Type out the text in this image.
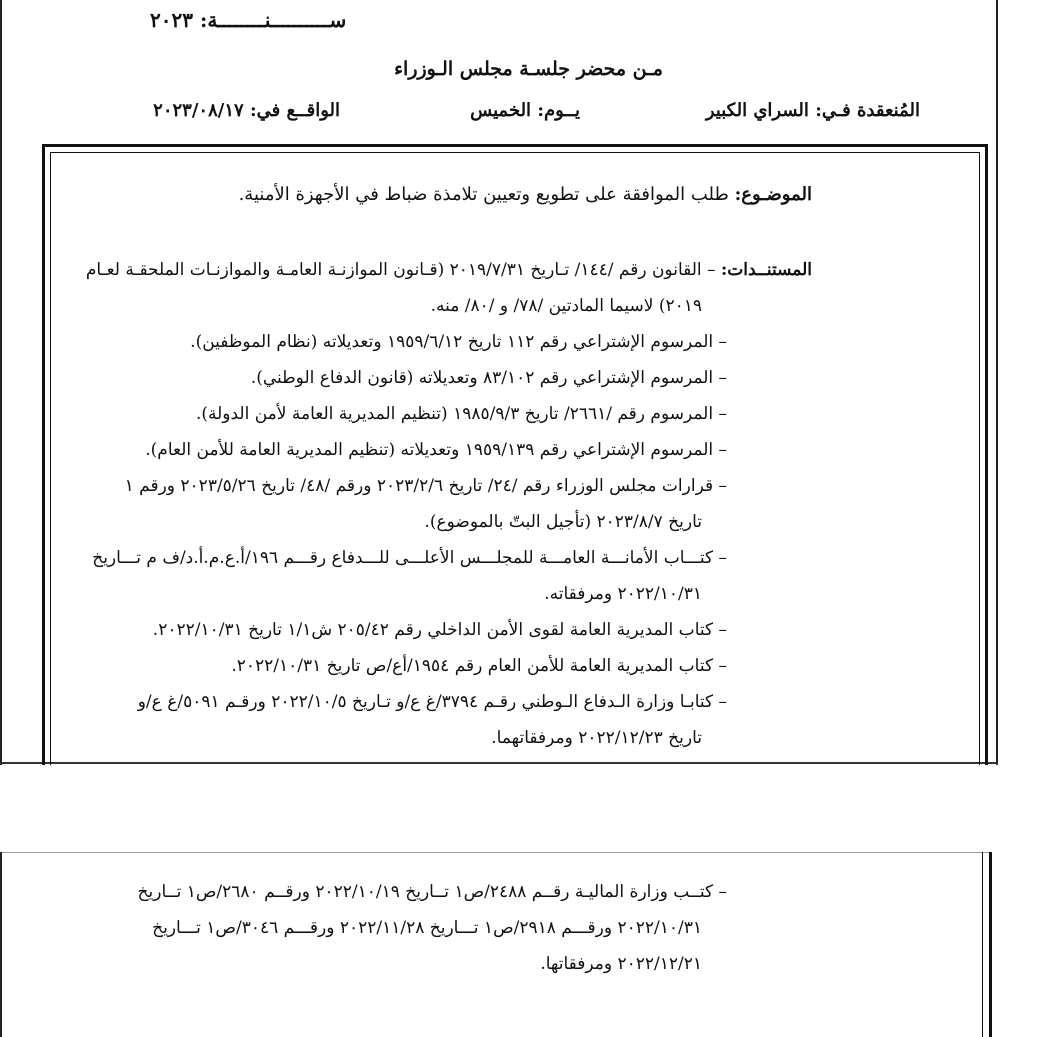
ســــــــــنــــــــة: ٢٠٢٣
مـن محضر جلسـة مجلس الـوزراء
المُنعقدة فـي: السراي الكبير
يــوم: الخميس
الواقــع في: ٢٠٢٣/٠٨/١٧
الموضـوع: طلب الموافقة على تطويع وتعيين تلامذة ضباط في الأجهزة الأمنية.
المستنــدات: – القانون رقم /١٤٤/ تـاريخ ٢٠١٩/٧/٣١ (قـانون الموازنـة العامـة والموازنـات الملحقـة لعـام
٢٠١٩) لاسيما المادتين /٧٨/ و /٨٠/ منه.
– المرسوم الإشتراعي رقم ١١٢ تاريخ ١٩٥٩/٦/١٢ وتعديلاته (نظام الموظفين).
– المرسوم الإشتراعي رقم ٨٣/١٠٢ وتعديلاته (قانون الدفاع الوطني).
– المرسوم رقم /٢٦٦١/ تاريخ ١٩٨٥/٩/٣ (تنظيم المديرية العامة لأمن الدولة).
– المرسوم الإشتراعي رقم ١٩٥٩/١٣٩ وتعديلاته (تنظيم المديرية العامة للأمن العام).
– قرارات مجلس الوزراء رقم /٢٤/ تاريخ ٢٠٢٣/٢/٦ ورقم /٤٨/ تاريخ ٢٠٢٣/٥/٢٦ ورقم ١
تاريخ ٢٠٢٣/٨/٧ (تأجيل البتّ بالموضوع).
– كتـــاب الأمانـــة العامـــة للمجلـــس الأعلـــى للـــدفاع رقـــم ١٩٦/أ.ع.م.أ.د/ف م تـــاريخ
٢٠٢٢/١٠/٣١ ومرفقاته.
– كتاب المديرية العامة لقوى الأمن الداخلي رقم ٢٠٥/٤٢ ش١/١ تاريخ ٢٠٢٢/١٠/٣١.
– كتاب المديرية العامة للأمن العام رقم ١٩٥٤/أع/ص تاريخ ٢٠٢٢/١٠/٣١.
– كتابـا وزارة الـدفاع الـوطني رقـم ٣٧٩٤/غ ع/و تـاريخ ٢٠٢٢/١٠/٥ ورقـم ٥٠٩١/غ ع/و
تاريخ ٢٠٢٢/١٢/٢٣ ومرفقاتهما.
– كتــب وزارة الماليـة رقــم ٢٤٨٨/ص١ تــاريخ ٢٠٢٢/١٠/١٩ ورقــم ٢٦٨٠/ص١ تــاريخ
٢٠٢٢/١٠/٣١ ورقـــم ٢٩١٨/ص١ تـــاريخ ٢٠٢٢/١١/٢٨ ورقـــم ٣٠٤٦/ص١ تـــاريخ
٢٠٢٢/١٢/٢١ ومرفقاتها.
